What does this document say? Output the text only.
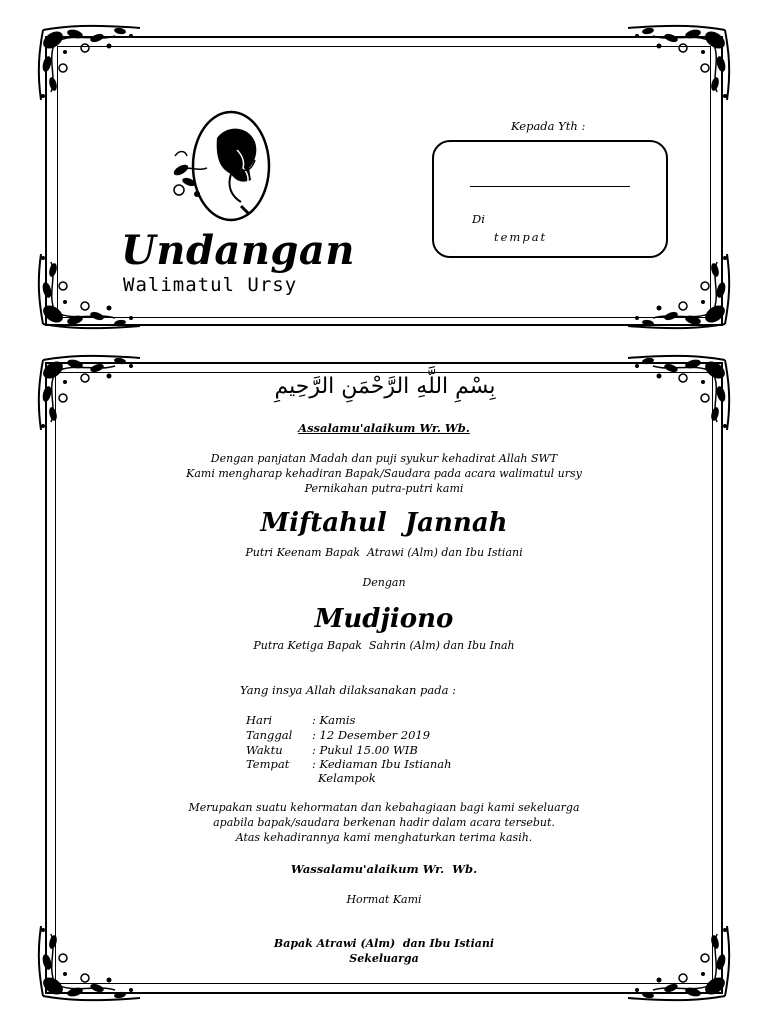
Undangan
Walimatul Ursy
Kepada Yth :
Di
tempat
بِسْمِ اللَّهِ الرَّحْمَنِ الرَّحِيمِ
Assalamu'alaikum Wr. Wb.
Dengan panjatan Madah dan puji syukur kehadirat Allah SWT
Kami mengharap kehadiran Bapak/Saudara pada acara walimatul ursy
Pernikahan putra-putri kami
Miftahul  Jannah
Putri Keenam Bapak  Atrawi (Alm) dan Ibu Istiani
Dengan
Mudjiono
Putra Ketiga Bapak  Sahrin (Alm) dan Ibu Inah
Yang insya Allah dilaksanakan pada :
Hari	: Kamis
Tanggal : 12 Desember 2019
Waktu	: Pukul 15.00 WIB
Tempat : Kediaman Ibu Istianah
Kelampok
Merupakan suatu kehormatan dan kebahagiaan bagi kami sekeluarga
apabila bapak/saudara berkenan hadir dalam acara tersebut.
Atas kehadirannya kami menghaturkan terima kasih.
Wassalamu'alaikum Wr.  Wb.
Hormat Kami
Bapak Atrawi (Alm)  dan Ibu Istiani
Sekeluarga
